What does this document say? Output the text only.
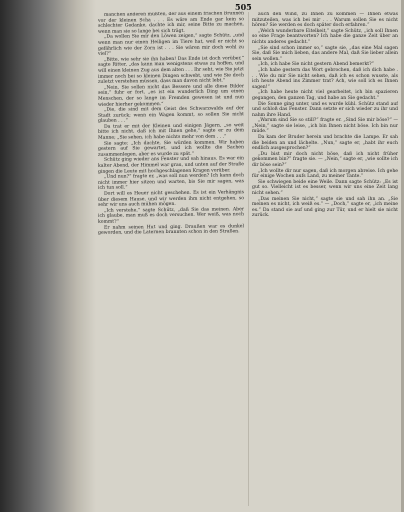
505

manchen anderen müßten, der aus einem frischen Brunnen vor der kleinen Scha . . . Es wäre am Ende gar kein so schlechter Gedanke, dachte ich mir, seine Bitte zu machen, wenn man sie so lange bei sich trägt.

„Da wollen Sie mir den Löwen zeigen,“ sagte Schütz, „und wenn man nur einen Heiligen im Tiere hat, weil er nicht so gefährlich wie der Zorn ist . . . Sie wären mir doch wohl zu viel?“

„Bitte, wie sehr sie ihn haben! Das Ende ist doch vorüber,“ sagte Ritter, „das kann man wenigstens etwas zu hoffen, und will einen kleinen Zug aus dem alten . . . Ihr seht, wie Sie jetzt immer noch bei so kleinen Dingen schwebt, und wie Sie doch zuletzt verstehen müssen, dass man davon nicht lebt.“

„Nein, Sie sollen nicht das Bessere und alle diese Bilder sein,“ fuhr er fort, „es ist ein wunderlich Ding um einen Menschen, der so lange im Fremden gewesen ist und nun wieder hierher gekommen.“

„Die, die sind mit dem Geist des Schwarzwalds auf der Stadt zurück; wenn ein Wagen kommt, so sollen Sie nicht glauben . . .“

Da trat er mit der Kleinen und einigen Jägern, „so weit bitte ich nicht, daß ich mit Ihnen gehe,“ sagte er zu dem Manne; „Sie sehen, ich habe nichts mehr von dem . . .“

Sie sagte: „Ich dachte, Sie würden kommen. Wir haben gestern auf Sie gewartet, und ich wollte die Sachen zusammenlegen, aber es wurde zu spät.“

Schütz ging wieder ans Fenster und sah hinaus. Es war ein kalter Abend, der Himmel war grau, und unten auf der Straße gingen die Leute mit hochgeschlagenen Kragen vorüber.

„Und nun?“ fragte er, „was soll nun werden? Ich kann doch nicht immer hier sitzen und warten, bis Sie mir sagen, was ich tun soll.“

Dort will es Heuer nicht geschehen. Es ist ein Verhängnis über diesem Hause, und wir werden ihm nicht entgehen, so sehr wir uns auch mühen mögen.

„Ich verstehe,“ sagte Schütz, „daß Sie das meinen. Aber ich glaube, man muß es doch versuchen. Wer weiß, was noch kommt?“

Er nahm seinen Hut und ging. Draußen war es dunkel geworden, und die Laternen brannten schon in den Straßen.

auch den Wind, zu Ihnen zu kommen — Ihnen etwas mitzuteilen, was ich bei mir . . . Warum sollen Sie es nicht hören? Sie werden es doch später doch erfahren.“

„Welch wunderbare Eitelkeit,“ sagte Schütz, „ich soll Ihnen so eine Frage beantworten? Ich habe die ganze Zeit über an nichts anderes gedacht.“

„Sie sind schon immer so,“ sagte sie, „das eine Mal sagen Sie, daß Sie mich lieben, das andere Mal, daß Sie lieber allein sein wollen.“

„Ich, ich habe Sie nicht gestern Abend bemerkt?“

„Ich habe gestern das Wort gebrochen, daß ich dich habe . . . Wie du mir Sie nicht sehen, daß ich es schon wusste, als ich heute Abend ins Zimmer trat? Ach, wie soll ich es Ihnen sagen!“

„Ich habe heute nicht viel gearbeitet, ich bin spazieren gegangen, den ganzen Tag, und habe an Sie gedacht.“

Die Sonne ging unter, und es wurde kühl. Schütz stand auf und schloß das Fenster. Dann setzte er sich wieder zu ihr und nahm ihre Hand.

„Warum sind Sie so still?“ fragte er. „Sind Sie mir böse?“ — „Nein,“ sagte sie leise, „ich bin Ihnen nicht böse. Ich bin nur müde.“

Da kam der Bruder herein und brachte die Lampe. Er sah die beiden an und lächelte. „Nun,“ sagte er, „habt ihr euch endlich ausgesprochen?“

„Du bist mir doch nicht böse, daß ich nicht früher gekommen bin?“ fragte sie. — „Nein,“ sagte er, „wie sollte ich dir böse sein?“

„Ich wollte dir nur sagen, daß ich morgen abreise. Ich gehe für einige Wochen aufs Land, zu meiner Tante.“

Sie schwiegen beide eine Weile. Dann sagte Schütz: „Es ist gut so. Vielleicht ist es besser, wenn wir uns eine Zeit lang nicht sehen.“

„Das meinen Sie nicht,“ sagte sie und sah ihn an. „Sie meinen es nicht, ich weiß es.“ — „Doch,“ sagte er, „ich meine es.“ Da stand sie auf und ging zur Tür, und er hielt sie nicht zurück.
